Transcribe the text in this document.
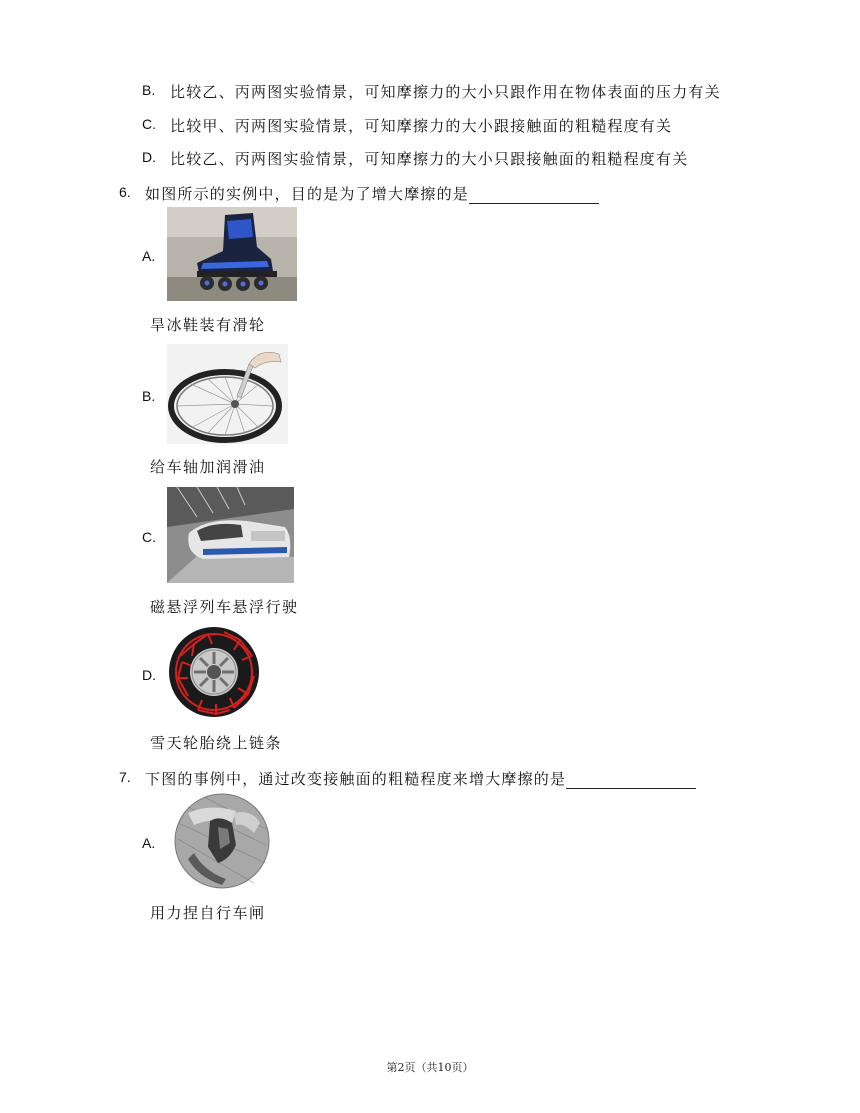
B. 比较乙、丙两图实验情景，可知摩擦力的大小只跟作用在物体表面的压力有关
C. 比较甲、丙两图实验情景，可知摩擦力的大小跟接触面的粗糙程度有关
D. 比较乙、丙两图实验情景，可知摩擦力的大小只跟接触面的粗糙程度有关
6. 如图所示的实例中，目的是为了增大摩擦的是
A.
旱冰鞋装有滑轮
B.
给车轴加润滑油
C.
磁悬浮列车悬浮行驶
D.
雪天轮胎绕上链条
7. 下图的事例中，通过改变接触面的粗糙程度来增大摩擦的是
A.
用力捏自行车闸
第2页（共10页）
